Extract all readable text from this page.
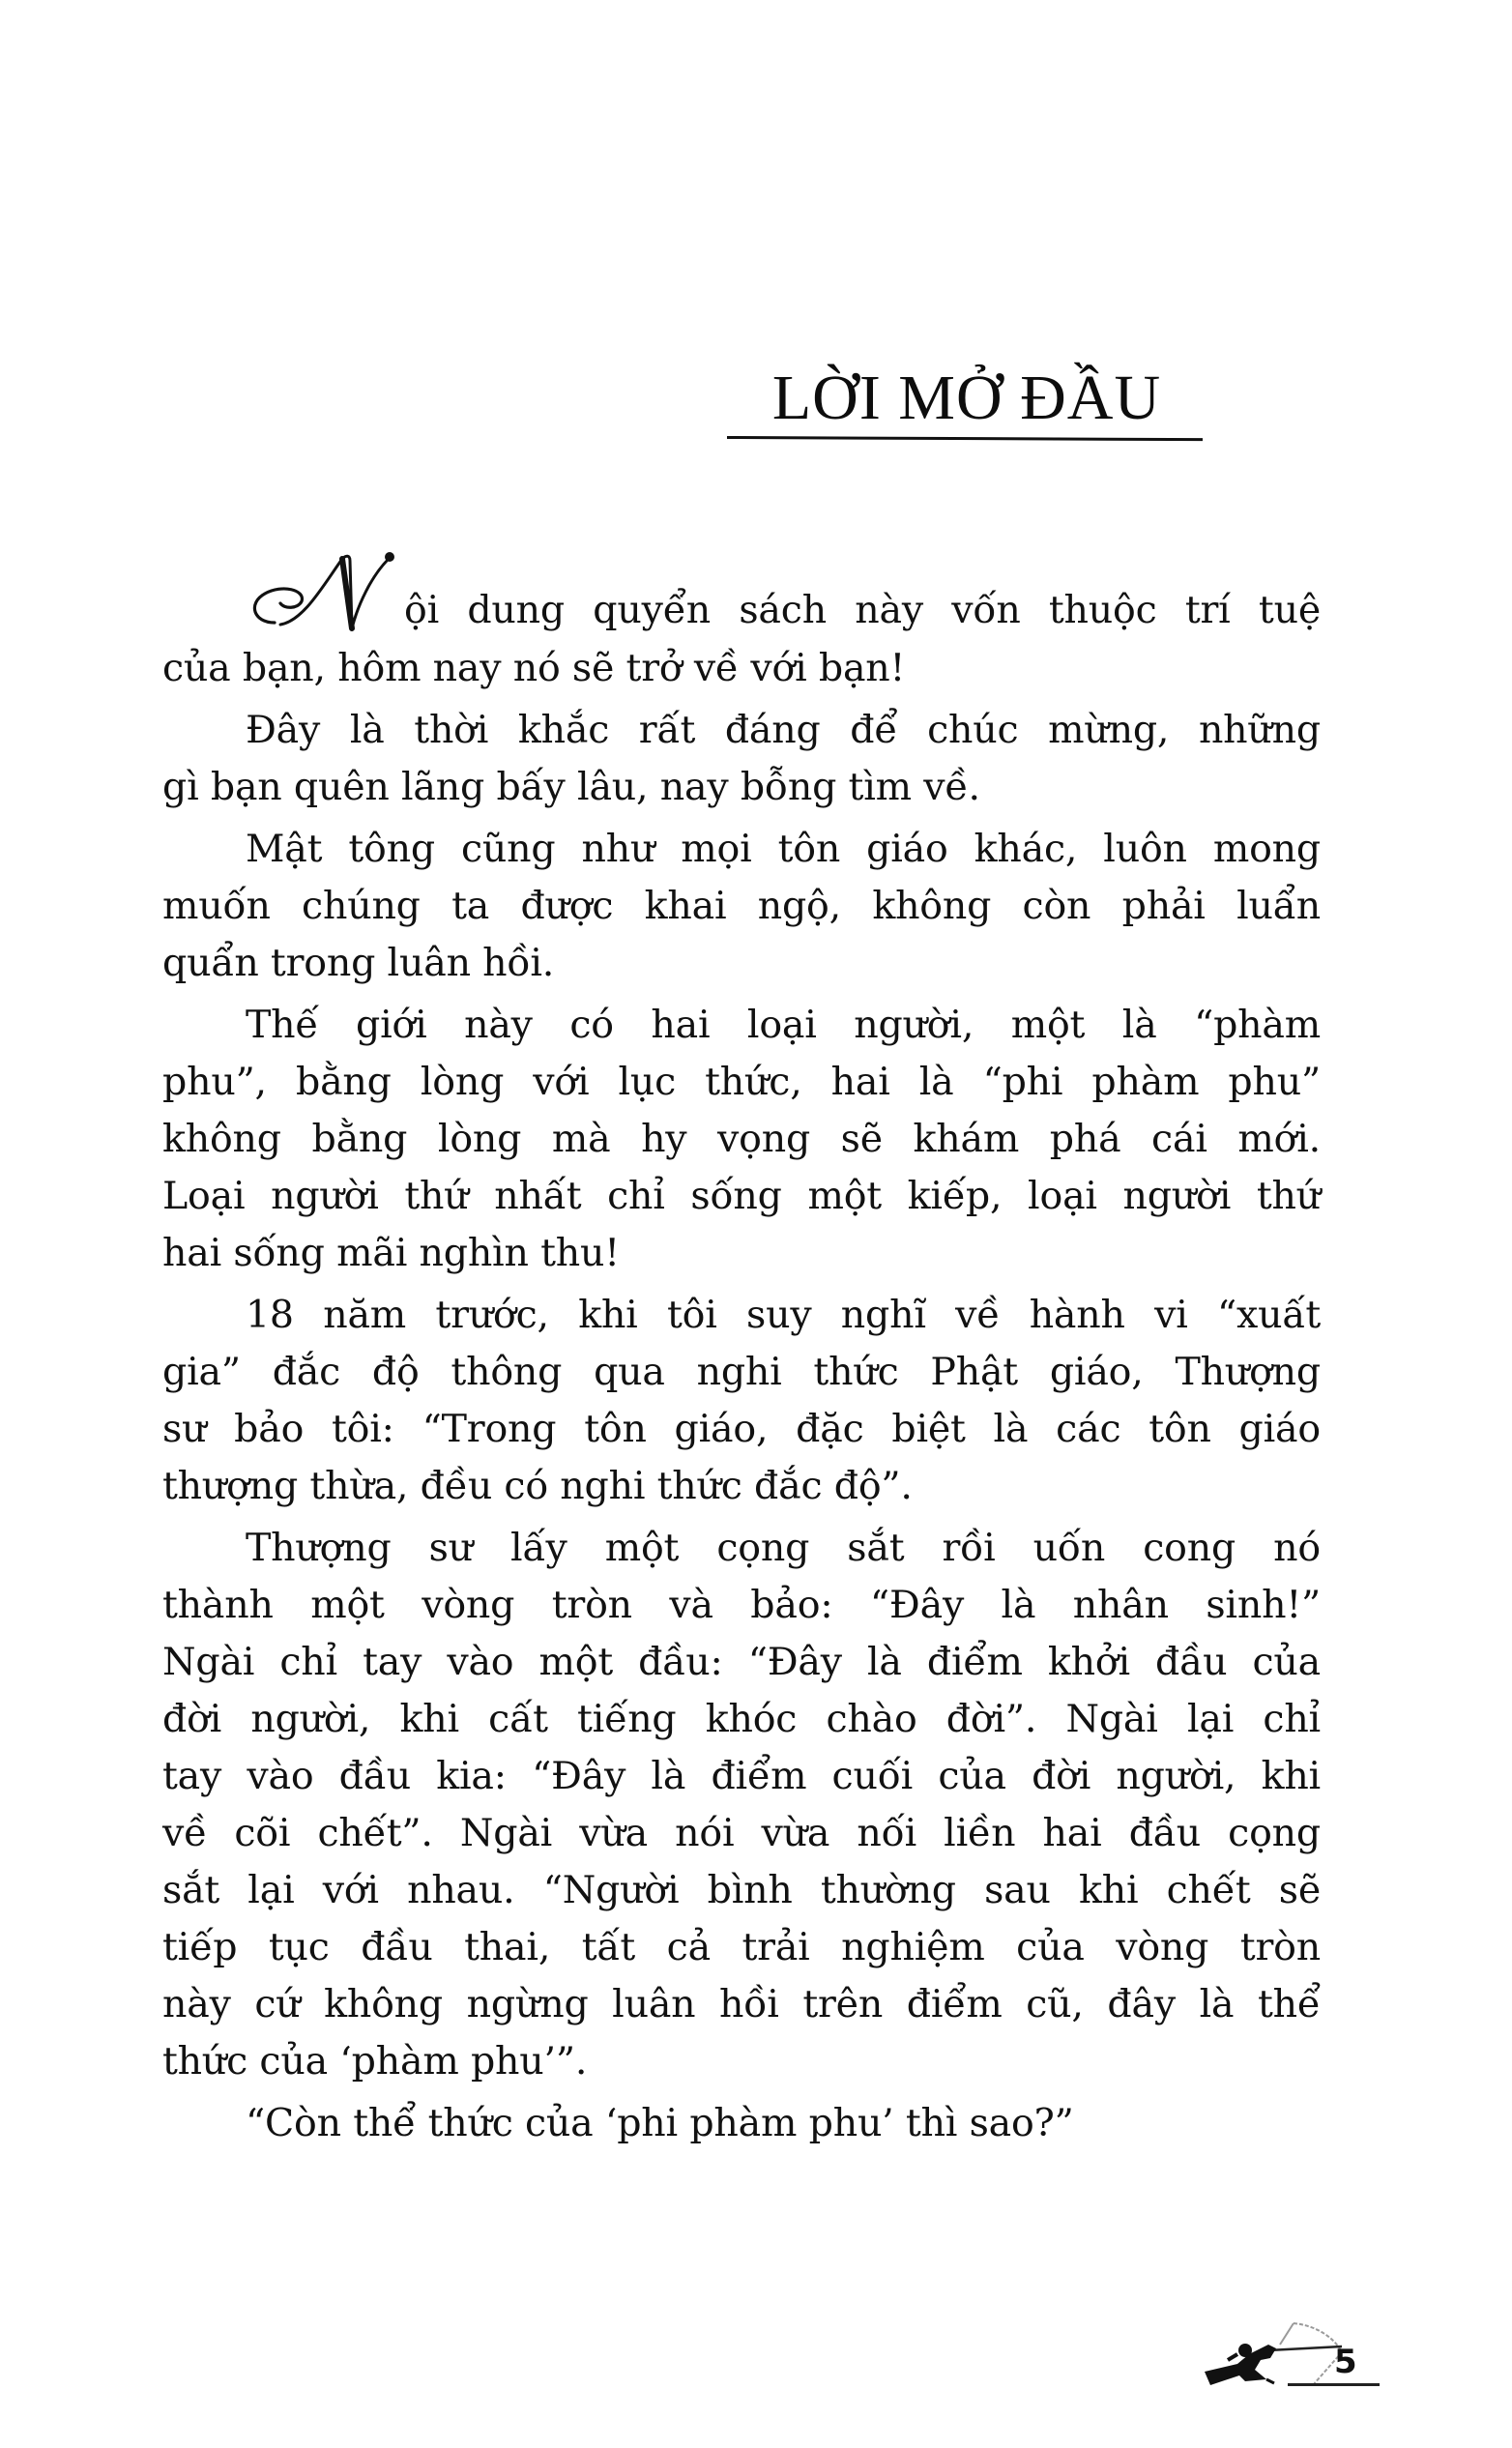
LỜI MỞ ĐẦU
ội dung quyển sách này vốn thuộc trí tuệ
của bạn, hôm nay nó sẽ trở về với bạn!
Đây là thời khắc rất đáng để chúc mừng, những
gì bạn quên lãng bấy lâu, nay bỗng tìm về.
Mật tông cũng như mọi tôn giáo khác, luôn mong
muốn chúng ta được khai ngộ, không còn phải luẩn
quẩn trong luân hồi.
Thế giới này có hai loại người, một là “phàm
phu”, bằng lòng với lục thức, hai là “phi phàm phu”
không bằng lòng mà hy vọng sẽ khám phá cái mới.
Loại người thứ nhất chỉ sống một kiếp, loại người thứ
hai sống mãi nghìn thu!
18 năm trước, khi tôi suy nghĩ về hành vi “xuất
gia” đắc độ thông qua nghi thức Phật giáo, Thượng
sư bảo tôi: “Trong tôn giáo, đặc biệt là các tôn giáo
thượng thừa, đều có nghi thức đắc độ”.
Thượng sư lấy một cọng sắt rồi uốn cong nó
thành một vòng tròn và bảo: “Đây là nhân sinh!”
Ngài chỉ tay vào một đầu: “Đây là điểm khởi đầu của
đời người, khi cất tiếng khóc chào đời”. Ngài lại chỉ
tay vào đầu kia: “Đây là điểm cuối của đời người, khi
về cõi chết”. Ngài vừa nói vừa nối liền hai đầu cọng
sắt lại với nhau. “Người bình thường sau khi chết sẽ
tiếp tục đầu thai, tất cả trải nghiệm của vòng tròn
này cứ không ngừng luân hồi trên điểm cũ, đây là thể
thức của ‘phàm phu’”.
“Còn thể thức của ‘phi phàm phu’ thì sao?”
5
